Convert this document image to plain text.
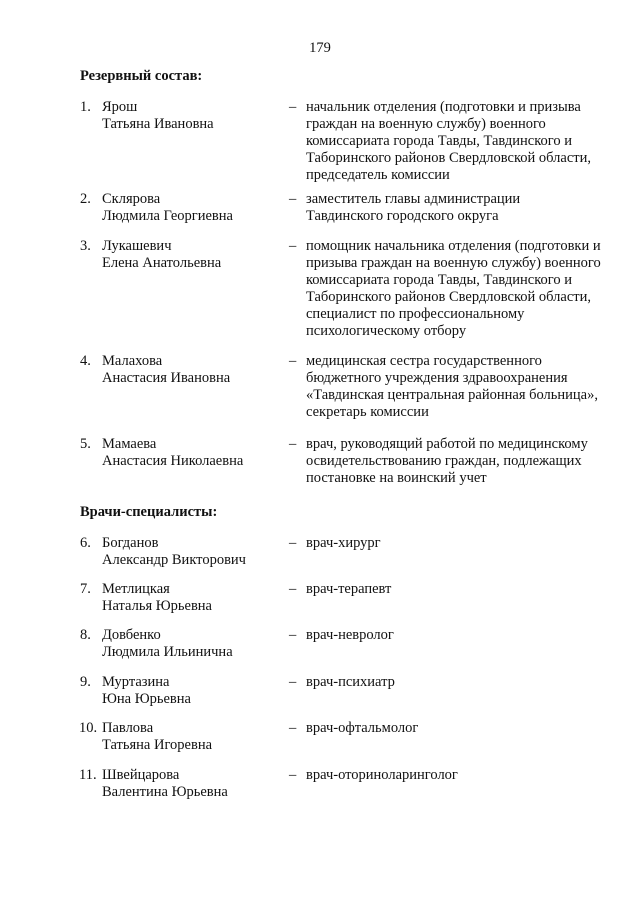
179
Резервный состав:
1. Ярош
Татьяна Ивановна
– начальник отделения (подготовки и призыва
граждан на военную службу) военного
комиссариата города Тавды, Тавдинского и
Таборинского районов Свердловской области,
председатель комиссии
2. Склярова
Людмила Георгиевна
– заместитель главы администрации
Тавдинского городского округа
3. Лукашевич
Елена Анатольевна
– помощник начальника отделения (подготовки и
призыва граждан на военную службу) военного
комиссариата города Тавды, Тавдинского и
Таборинского районов Свердловской области,
специалист по профессиональному
психологическому отбору
4. Малахова
Анастасия Ивановна
– медицинская сестра государственного
бюджетного учреждения здравоохранения
«Тавдинская центральная районная больница»,
секретарь комиссии
5. Мамаева
Анастасия Николаевна
– врач, руководящий работой по медицинскому
освидетельствованию граждан, подлежащих
постановке на воинский учет
Врачи-специалисты:
6. Богданов
Александр Викторович
– врач-хирург
7. Метлицкая
Наталья Юрьевна
– врач-терапевт
8. Довбенко
Людмила Ильинична
– врач-невролог
9. Муртазина
Юна Юрьевна
– врач-психиатр
10. Павлова
Татьяна Игоревна
– врач-офтальмолог
11. Швейцарова
Валентина Юрьевна
– врач-оториноларинголог
